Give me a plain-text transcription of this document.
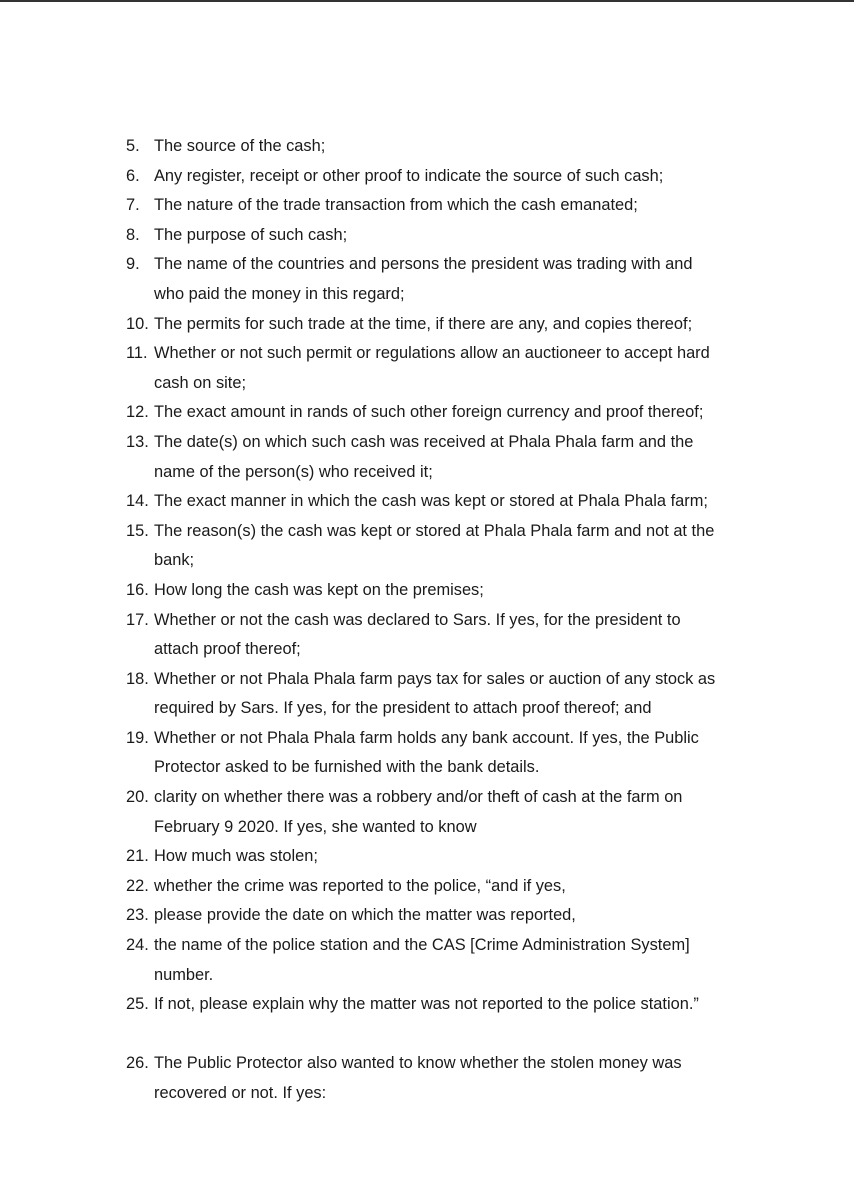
5. The source of the cash;
6. Any register, receipt or other proof to indicate the source of such cash;
7. The nature of the trade transaction from which the cash emanated;
8. The purpose of such cash;
9. The name of the countries and persons the president was trading with and
who paid the money in this regard;
10. The permits for such trade at the time, if there are any, and copies thereof;
11. Whether or not such permit or regulations allow an auctioneer to accept hard
cash on site;
12. The exact amount in rands of such other foreign currency and proof thereof;
13. The date(s) on which such cash was received at Phala Phala farm and the
name of the person(s) who received it;
14. The exact manner in which the cash was kept or stored at Phala Phala farm;
15. The reason(s) the cash was kept or stored at Phala Phala farm and not at the
bank;
16. How long the cash was kept on the premises;
17. Whether or not the cash was declared to Sars. If yes, for the president to
attach proof thereof;
18. Whether or not Phala Phala farm pays tax for sales or auction of any stock as
required by Sars. If yes, for the president to attach proof thereof; and
19. Whether or not Phala Phala farm holds any bank account. If yes, the Public
Protector asked to be furnished with the bank details.
20. clarity on whether there was a robbery and/or theft of cash at the farm on
February 9 2020. If yes, she wanted to know
21. How much was stolen;
22. whether the crime was reported to the police, “and if yes,
23. please provide the date on which the matter was reported,
24. the name of the police station and the CAS [Crime Administration System]
number.
25. If not, please explain why the matter was not reported to the police station.”
26. The Public Protector also wanted to know whether the stolen money was
recovered or not. If yes:
